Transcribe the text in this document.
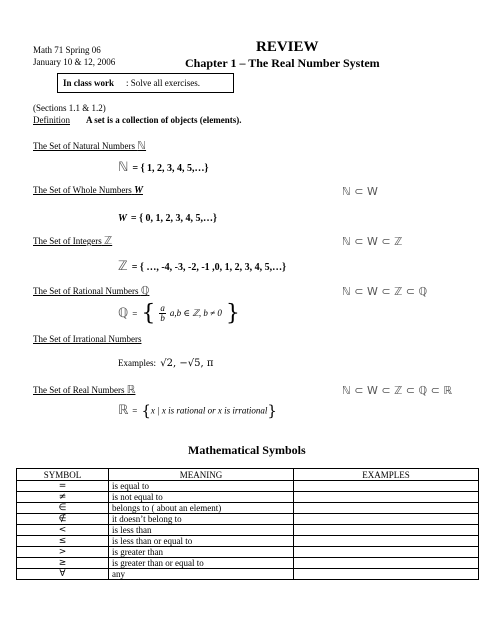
Math 71 Spring 06
January 10 & 12, 2006
REVIEW
Chapter 1 – The Real Number System
In class work : Solve all exercises.
(Sections 1.1 & 1.2)
Definition A set is a collection of objects (elements).
The Set of Natural Numbers ℕ
ℕ = { 1, 2, 3, 4, 5,…}
The Set of Whole Numbers W	ℕ ⊂ W
W = { 0, 1, 2, 3, 4, 5,…}
The Set of Integers ℤ	ℕ ⊂ W ⊂ ℤ
ℤ = { …, -4, -3, -2, -1 ,0, 1, 2, 3, 4, 5,…}
The Set of Rational Numbers ℚ	ℕ ⊂ W ⊂ ℤ ⊂ ℚ
ℚ = { $\frac{a}{b} a,b$ ∈ ℤ, b ≠ 0 }
The Set of Irrational Numbers
Examples: √2, −√5, π
The Set of Real Numbers ℝ	ℕ ⊂ W ⊂ ℤ ⊂ ℚ ⊂ ℝ
ℝ = {x | x is rational or x is irrational}
Mathematical Symbols
SYMBOL	MEANING	EXAMPLES
=	is equal to	
≠	is not equal to	
∈	belongs to ( about an element)	
∉	it doesn’t belong to	
<	is less than	
≤	is less than or equal to	
>	is greater than	
≥	is greater than or equal to	
∀	any	
